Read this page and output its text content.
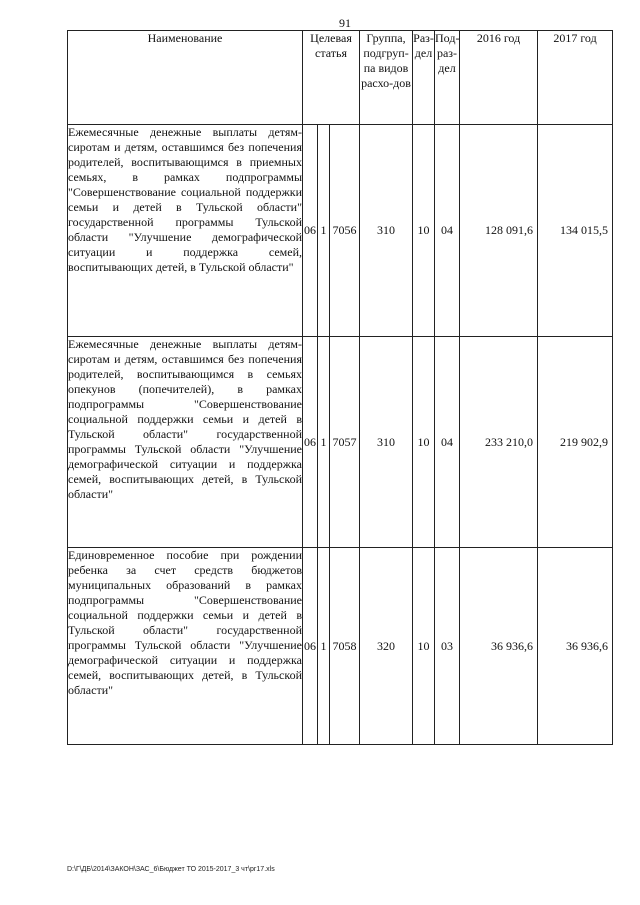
91
Наименование	Целевая статья			Группа, подгруп-па видов расхо-дов	Раз-дел	Под-раз-дел	2016 год	2017 год
Ежемесячные денежные выплаты детям-сиротам и детям, оставшимся без попечения родителей, воспитывающимся в приемных семьях, в рамках подпрограммы "Совершенствование социальной поддержки семьи и детей в Тульской области" государственной программы Тульской области "Улучшение демографической ситуации и поддержка семей, воспитывающих детей, в Тульской области"	06	1	7056	310	10	04	128 091,6	134 015,5
Ежемесячные денежные выплаты детям-сиротам и детям, оставшимся без попечения родителей, воспитывающимся в семьях опекунов (попечителей), в рамках подпрограммы "Совершенствование социальной поддержки семьи и детей в Тульской области" государственной программы Тульской области "Улучшение демографической ситуации и поддержка семей, воспитывающих детей, в Тульской области"	06	1	7057	310	10	04	233 210,0	219 902,9
Единовременное пособие при рождении ребенка за счет средств бюджетов муниципальных образований в рамках подпрограммы "Совершенствование социальной поддержки семьи и детей в Тульской области" государственной программы Тульской области "Улучшение демографической ситуации и поддержка семей, воспитывающих детей, в Тульской области"	06	1	7058	320	10	03	36 936,6	36 936,6
D:\Г\ДБ\2014\ЗАКОН\ЗАС_6\Бюджет ТО 2015-2017_3 чт\рг17.xls
